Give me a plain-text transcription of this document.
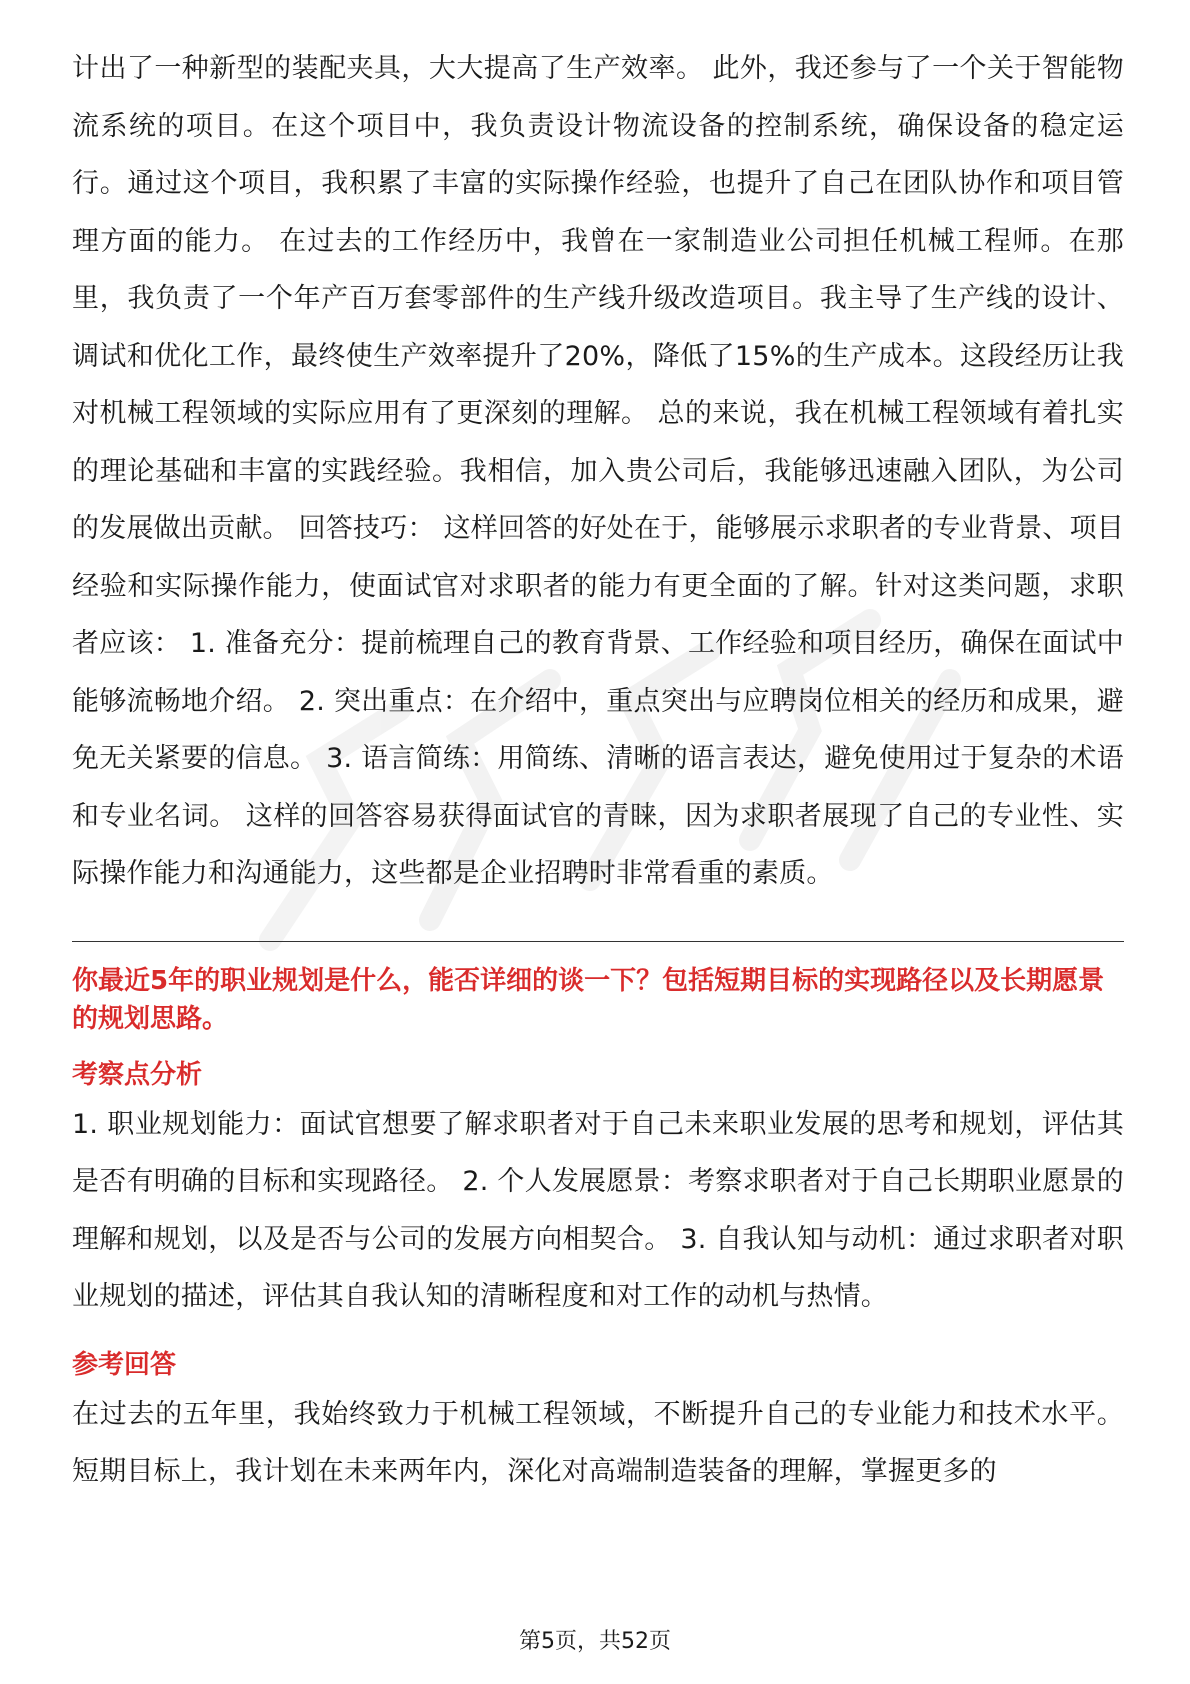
计出了一种新型的装配夹具，大大提高了生产效率。 此外，我还参与了一个关于智能物流系统的项目。在这个项目中，我负责设计物流设备的控制系统，确保设备的稳定运行。通过这个项目，我积累了丰富的实际操作经验，也提升了自己在团队协作和项目管理方面的能力。 在过去的工作经历中，我曾在一家制造业公司担任机械工程师。在那里，我负责了一个年产百万套零部件的生产线升级改造项目。我主导了生产线的设计、调试和优化工作，最终使生产效率提升了20%，降低了15%的生产成本。这段经历让我对机械工程领域的实际应用有了更深刻的理解。 总的来说，我在机械工程领域有着扎实的理论基础和丰富的实践经验。我相信，加入贵公司后，我能够迅速融入团队，为公司的发展做出贡献。 回答技巧： 这样回答的好处在于，能够展示求职者的专业背景、项目经验和实际操作能力，使面试官对求职者的能力有更全面的了解。针对这类问题，求职者应该： 1. 准备充分：提前梳理自己的教育背景、工作经验和项目经历，确保在面试中能够流畅地介绍。 2. 突出重点：在介绍中，重点突出与应聘岗位相关的经历和成果，避免无关紧要的信息。 3. 语言简练：用简练、清晰的语言表达，避免使用过于复杂的术语和专业名词。 这样的回答容易获得面试官的青睐，因为求职者展现了自己的专业性、实际操作能力和沟通能力，这些都是企业招聘时非常看重的素质。

你最近5年的职业规划是什么，能否详细的谈一下？包括短期目标的实现路径以及长期愿景的规划思路。

考察点分析

1. 职业规划能力：面试官想要了解求职者对于自己未来职业发展的思考和规划，评估其是否有明确的目标和实现路径。 2. 个人发展愿景：考察求职者对于自己长期职业愿景的理解和规划，以及是否与公司的发展方向相契合。 3. 自我认知与动机：通过求职者对职业规划的描述，评估其自我认知的清晰程度和对工作的动机与热情。

参考回答

在过去的五年里，我始终致力于机械工程领域，不断提升自己的专业能力和技术水平。短期目标上，我计划在未来两年内，深化对高端制造装备的理解，掌握更多的

第5页，共52页
